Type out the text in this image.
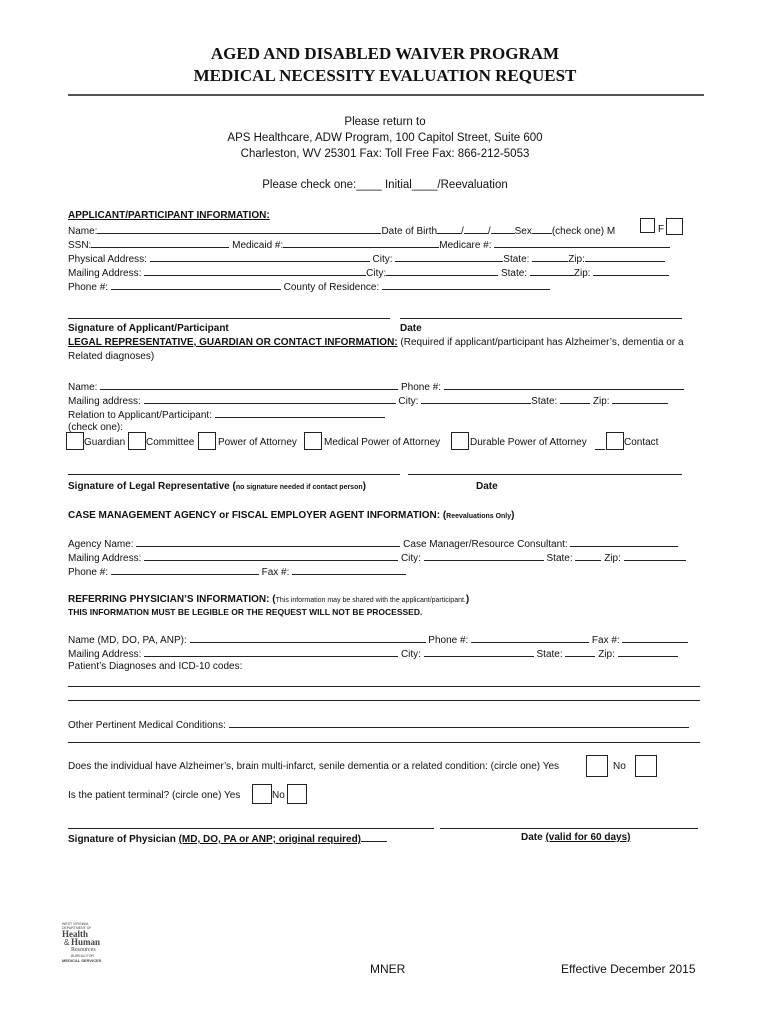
AGED AND DISABLED WAIVER PROGRAM
MEDICAL NECESSITY EVALUATION REQUEST
Please return to
APS Healthcare, ADW Program, 100 Capitol Street, Suite 600
Charleston, WV 25301 Fax: Toll Free Fax: 866-212-5053
Please check one:____ Initial____/Reevaluation
APPLICANT/PARTICIPANT INFORMATION:
Name:	Date of Birth / / Sex (check one) M	F
SSN:	Medicaid #:	Medicare #:
Physical Address:	City:	State:	Zip:
Mailing Address:	City:	State:	Zip:
Phone #:	County of Residence:
Signature of Applicant/Participant	Date
LEGAL REPRESENTATIVE, GUARDIAN OR CONTACT INFORMATION: (Required if applicant/participant has Alzheimer’s, dementia or a
Related diagnoses)
Name:	Phone #:
Mailing address:	City:	State:	Zip:
Relation to Applicant/Participant:
(check one):
Guardian Committee Power of Attorney	Medical Power of Attorney	Durable Power of Attorney	Contact
Signature of Legal Representative (no signature needed if contact person)	Date
CASE MANAGEMENT AGENCY or FISCAL EMPLOYER AGENT INFORMATION: (Reevaluations Only)
Agency Name:	Case Manager/Resource Consultant:
Mailing Address:	City:	State:	Zip:
Phone #:	Fax #:
REFERRING PHYSICIAN’S INFORMATION: (This information may be shared with the applicant/participant.)
THIS INFORMATION MUST BE LEGIBLE OR THE REQUEST WILL NOT BE PROCESSED.
Name (MD, DO, PA, ANP):	Phone #:	Fax #:
Mailing Address:	City:	State:	Zip:
Patient’s Diagnoses and ICD-10 codes:
Other Pertinent Medical Conditions:
Does the individual have Alzheimer’s, brain multi-infarct, senile dementia or a related condition: (circle one) Yes	No
Is the patient terminal? (circle one) Yes	No
Signature of Physician (MD, DO, PA or ANP; original required)	Date (valid for 60 days)
WEST VIRGINIA
DEPARTMENT OF
Health
& Human
Resources
BUREAU FOR
MEDICAL SERVICES
MNER	Effective December 2015
